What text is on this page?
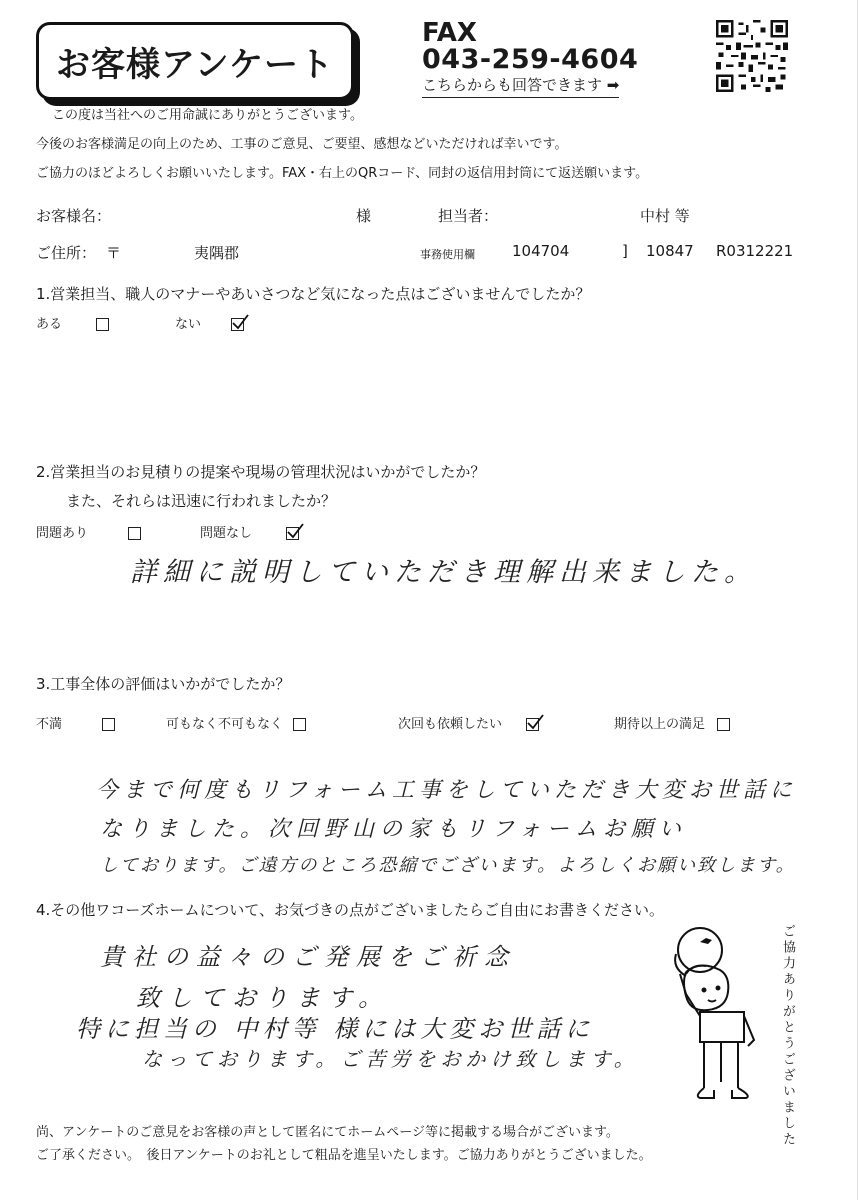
お客様アンケート
FAX
043-259-4604
こちらからも回答できます ➡
この度は当社へのご用命誠にありがとうございます。
今後のお客様満足の向上のため、工事のご意見、ご要望、感想などいただければ幸いです。
ご協力のほどよろしくお願いいたします。FAX・右上のQRコード、同封の返信用封筒にて返送願います。
お客様名：	様	担当者：	中村 等
ご住所： 〒	夷隅郡	事務使用欄 104704	] 10847 R0312221
1.営業担当、職人のマナーやあいさつなど気になった点はございませんでしたか？
ある	ない
2.営業担当のお見積りの提案や現場の管理状況はいかがでしたか？
また、それらは迅速に行われましたか？
問題あり	問題なし
詳細に説明していただき理解出来ました。
3.工事全体の評価はいかがでしたか？
不満	可もなく不可もなく	次回も依頼したい	期待以上の満足
今まで何度もリフォーム工事をしていただき大変お世話に
なりました。次回野山の家もリフォームお願い
しております。ご遠方のところ恐縮でございます。よろしくお願い致します。
4.その他ワコーズホームについて、お気づきの点がございましたらご自由にお書きください。
貴社の益々のご発展をご祈念
致しております。
特に担当の 中村等 様には大変お世話に
なっております。ご苦労をおかけ致します。	ご協力ありがとうございました
尚、アンケートのご意見をお客様の声として匿名にてホームページ等に掲載する場合がございます。
ご了承ください。　後日アンケートのお礼として粗品を進呈いたします。ご協力ありがとうございました。
